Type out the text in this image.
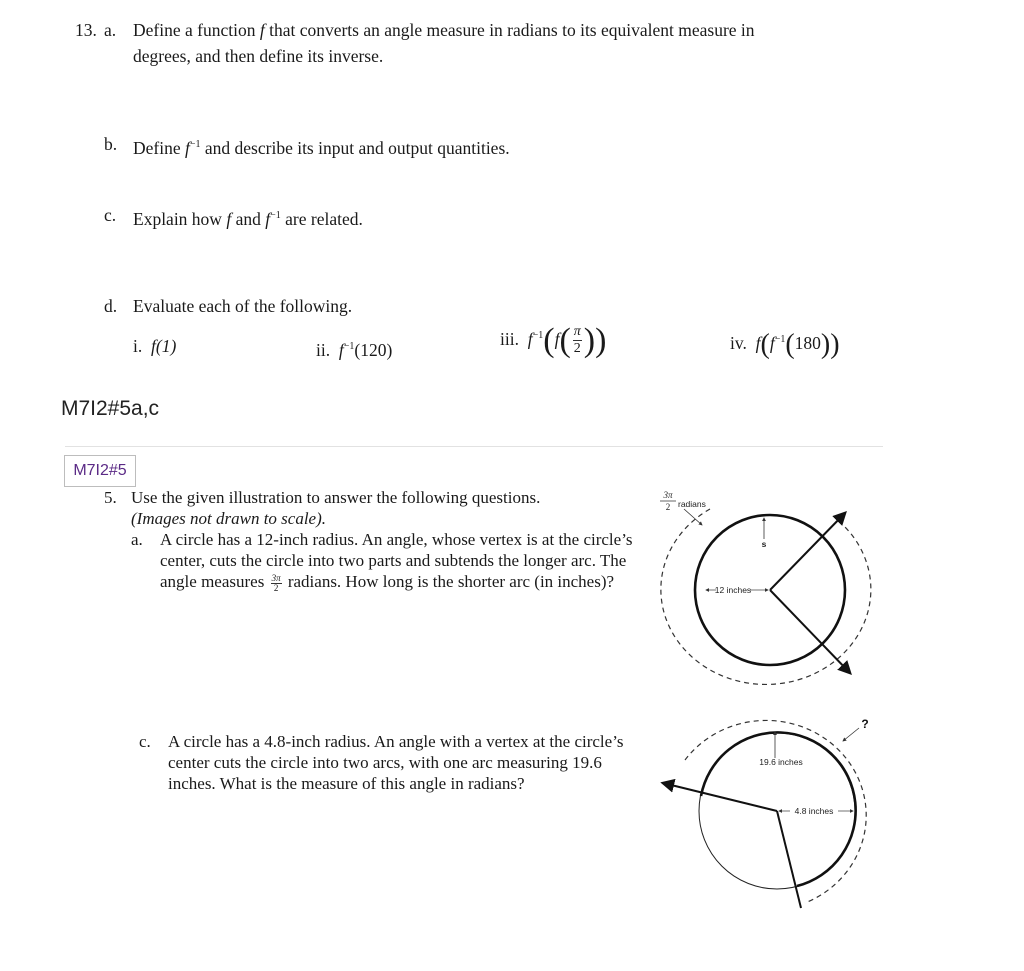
13. a. Define a function f that converts an angle measure in radians to its equivalent measure in
degrees, and then define its inverse.
b. Define $f^{-1}$ and describe its input and output quantities.
c. Explain how f and $f^{-1}$ are related.
d. Evaluate each of the following.
i. f(1)	ii. $f^{-1}(120)$
iii. $f^{-1}(f( \frac{\pi}{2}$ ))	iv. $f(f^{-1}(180))$
M7I2#5a,c
M7I2#5
5. Use the given illustration to answer the following questions.
(Images not drawn to scale).
a. A circle has a 12-inch radius. An angle, whose vertex is at the circle’s
center, cuts the circle into two parts and subtends the longer arc. The
angle measures $\frac{3\pi}{2}$ radians. How long is the shorter arc (in inches)?
c. A circle has a 4.8-inch radius. An angle with a vertex at the circle’s
center cuts the circle into two arcs, with one arc measuring 19.6
inches. What is the measure of this angle in radians?
12 inches
s
3π
2 radians
19.6 inches
4.8 inches
?
